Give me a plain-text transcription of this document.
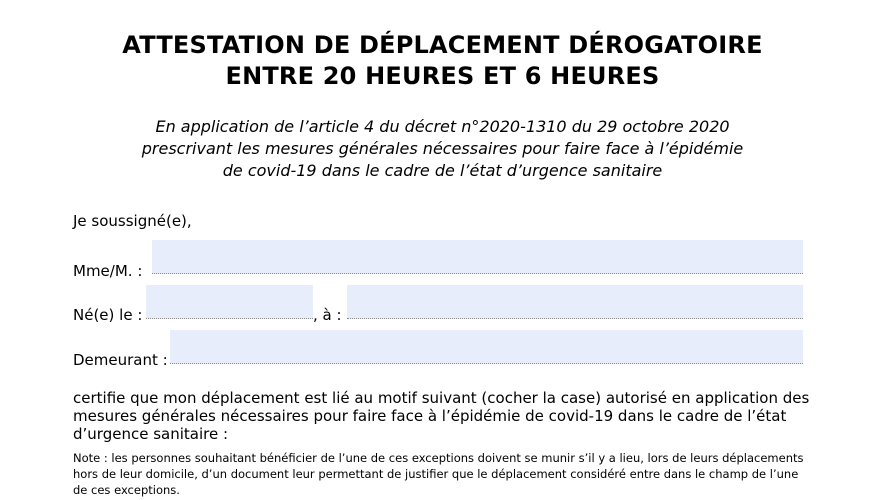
ATTESTATION DE DÉPLACEMENT DÉROGATOIRE
ENTRE 20 HEURES ET 6 HEURES
En application de l’article 4 du décret n°2020-1310 du 29 octobre 2020
prescrivant les mesures générales nécessaires pour faire face à l’épidémie
de covid-19 dans le cadre de l’état d’urgence sanitaire
Je soussigné(e),
Mme/M. :
Né(e) le :	, à :
Demeurant :
certifie que mon déplacement est lié au motif suivant (cocher la case) autorisé en application des mesures générales nécessaires pour faire face à l’épidémie de covid-19 dans le cadre de l’état d’urgence sanitaire :
Note : les personnes souhaitant bénéficier de l’une de ces exceptions doivent se munir s’il y a lieu, lors de leurs déplacements hors de leur domicile, d’un document leur permettant de justifier que le déplacement considéré entre dans le champ de l’une de ces exceptions.
